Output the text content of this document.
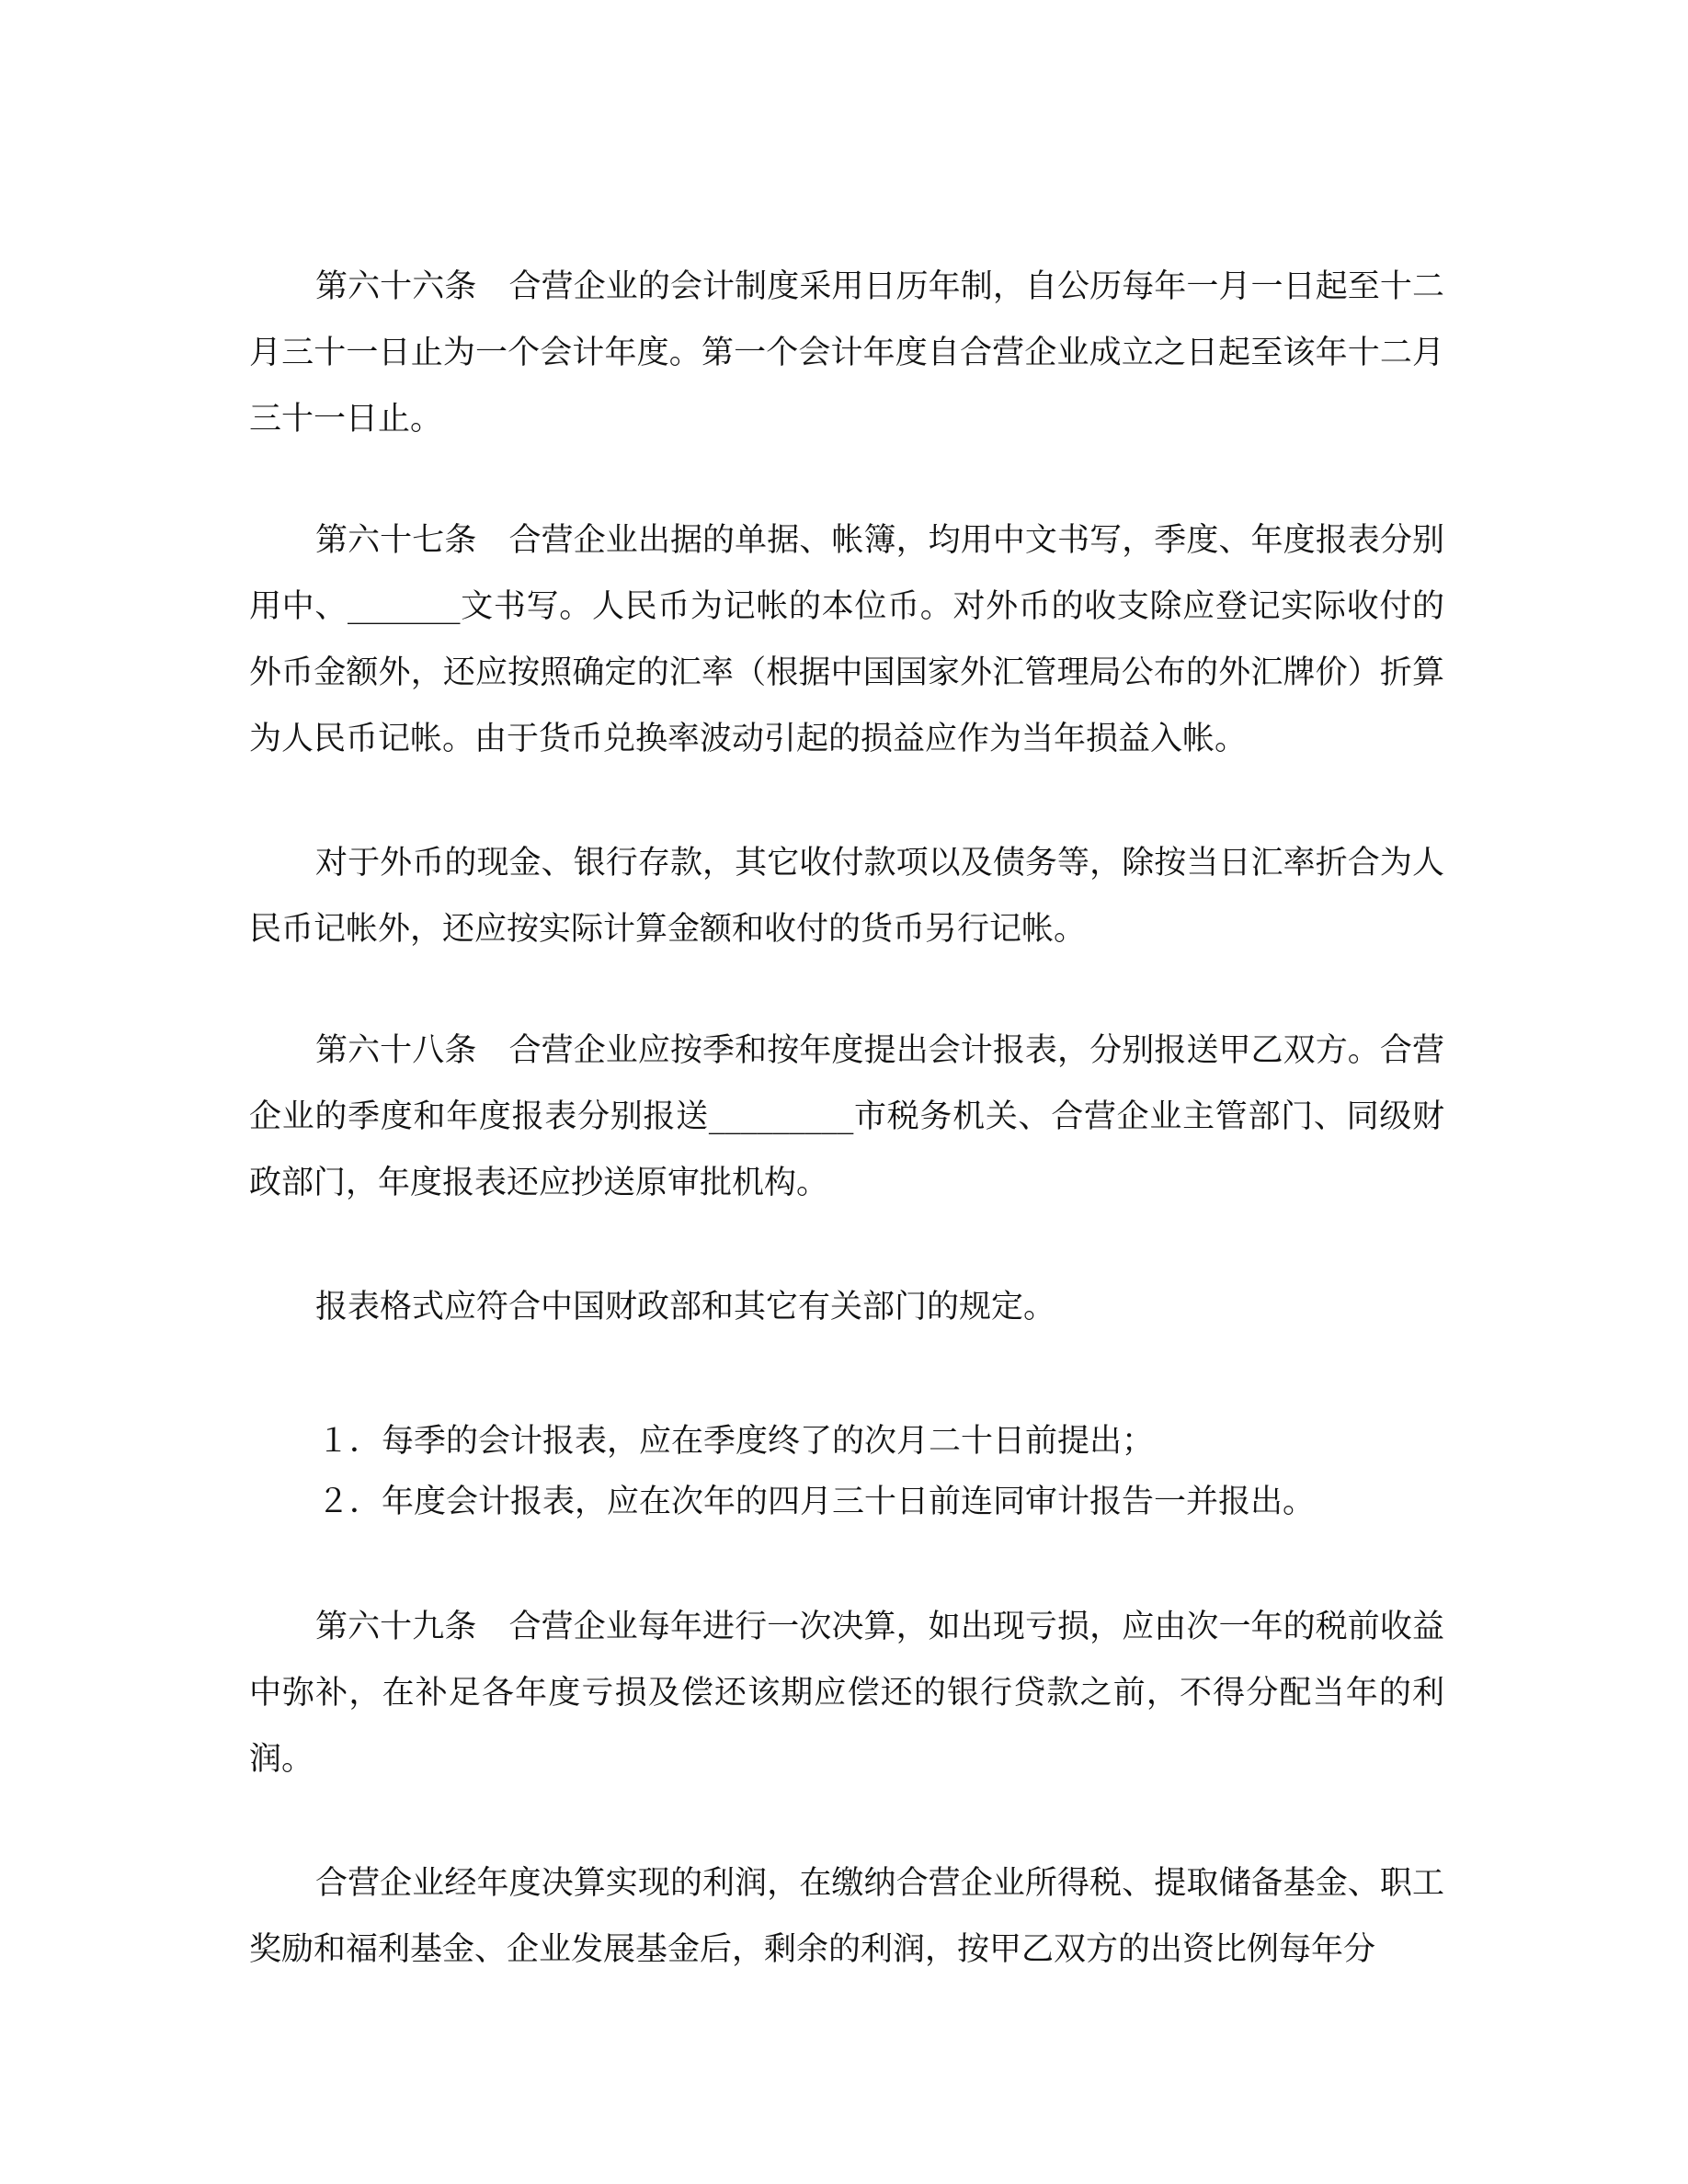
第六十六条　合营企业的会计制度采用日历年制，自公历每年一月一日起至十二月三十一日止为一个会计年度。第一个会计年度自合营企业成立之日起至该年十二月三十一日止。

第六十七条　合营企业出据的单据、帐簿，均用中文书写，季度、年度报表分别用中、_______文书写。人民币为记帐的本位币。对外币的收支除应登记实际收付的外币金额外，还应按照确定的汇率（根据中国国家外汇管理局公布的外汇牌价）折算为人民币记帐。由于货币兑换率波动引起的损益应作为当年损益入帐。

对于外币的现金、银行存款，其它收付款项以及债务等，除按当日汇率折合为人民币记帐外，还应按实际计算金额和收付的货币另行记帐。

第六十八条　合营企业应按季和按年度提出会计报表，分别报送甲乙双方。合营企业的季度和年度报表分别报送_________市税务机关、合营企业主管部门、同级财政部门，年度报表还应抄送原审批机构。

报表格式应符合中国财政部和其它有关部门的规定。

１．每季的会计报表，应在季度终了的次月二十日前提出；

２．年度会计报表，应在次年的四月三十日前连同审计报告一并报出。

第六十九条　合营企业每年进行一次决算，如出现亏损，应由次一年的税前收益中弥补，在补足各年度亏损及偿还该期应偿还的银行贷款之前，不得分配当年的利润。

合营企业经年度决算实现的利润，在缴纳合营企业所得税、提取储备基金、职工奖励和福利基金、企业发展基金后，剩余的利润，按甲乙双方的出资比例每年分
